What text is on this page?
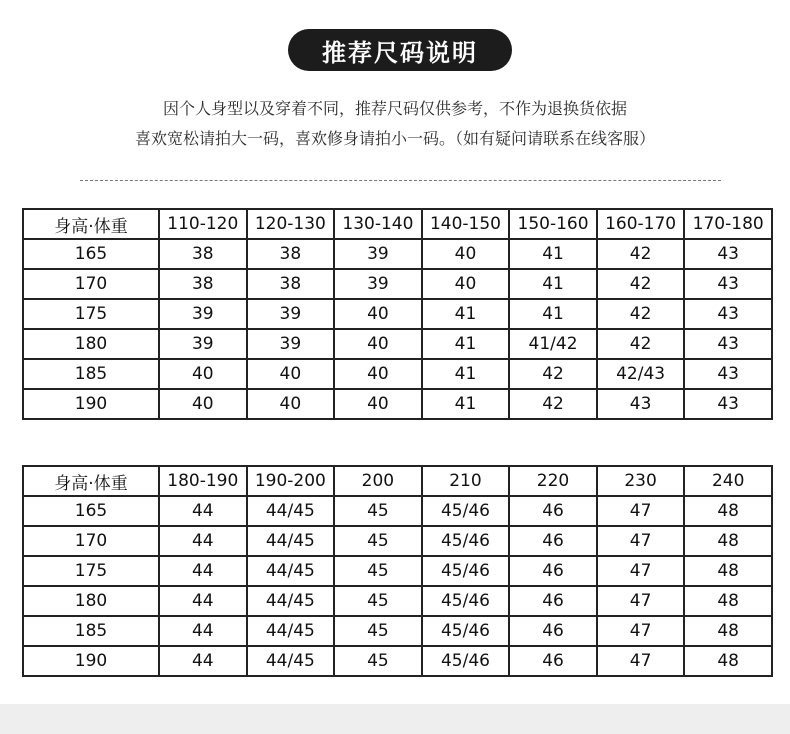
推荐尺码说明
因个人身型以及穿着不同，推荐尺码仅供参考，不作为退换货依据
喜欢宽松请拍大一码，喜欢修身请拍小一码。（如有疑问请联系在线客服）
身高·体重	110-120	120-130	130-140	140-150	150-160	160-170	170-180
165	38	38	39	40	41	42	43
170	38	38	39	40	41	42	43
175	39	39	40	41	41	42	43
180	39	39	40	41	41/42	42	43
185	40	40	40	41	42	42/43	43
190	40	40	40	41	42	43	43
身高·体重	180-190	190-200	200	210	220	230	240
165	44	44/45	45	45/46	46	47	48
170	44	44/45	45	45/46	46	47	48
175	44	44/45	45	45/46	46	47	48
180	44	44/45	45	45/46	46	47	48
185	44	44/45	45	45/46	46	47	48
190	44	44/45	45	45/46	46	47	48
